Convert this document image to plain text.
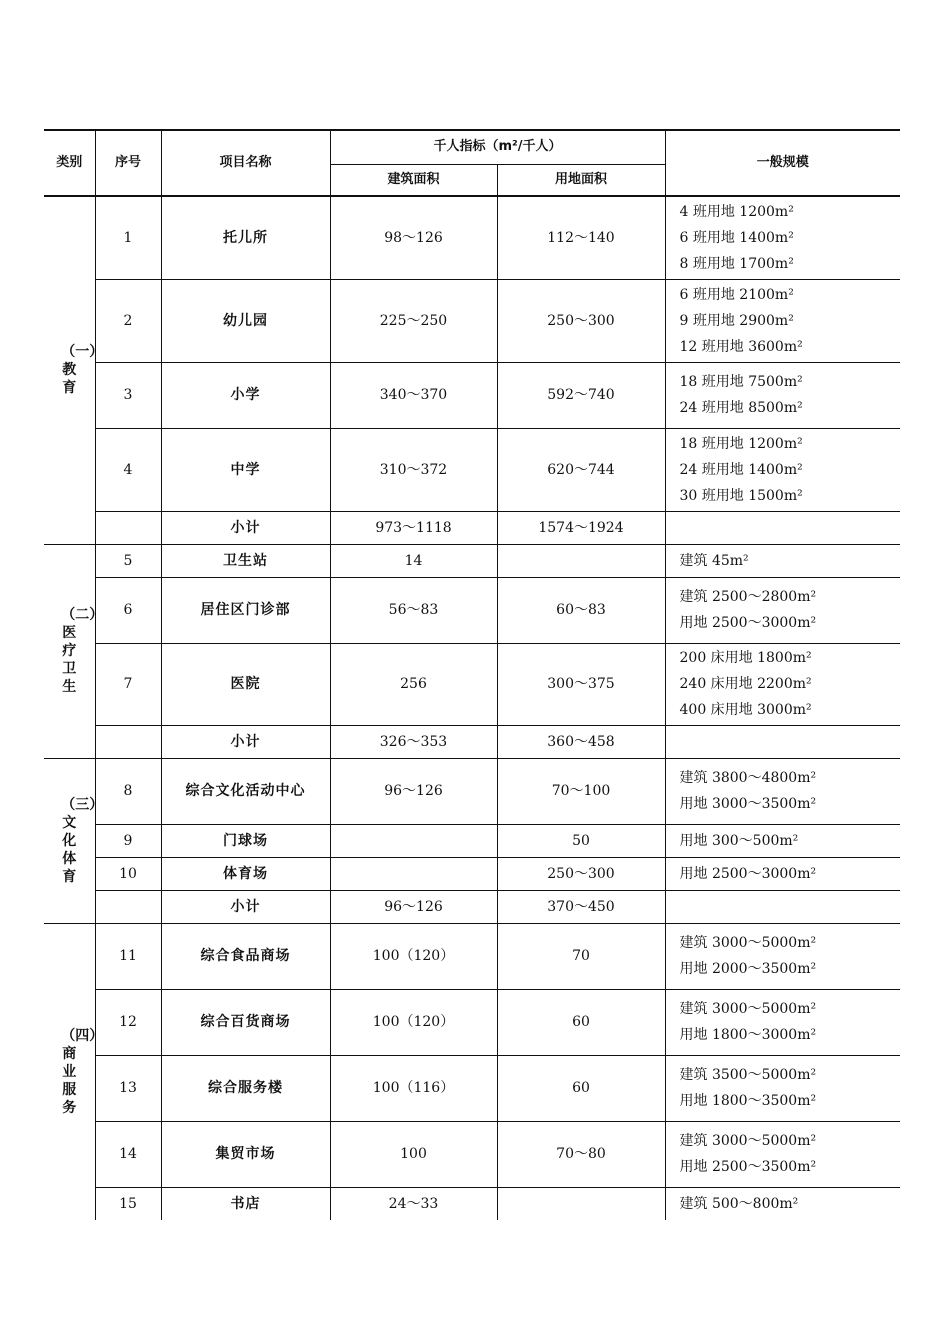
类别	序号	项目名称	千人指标（m²/千人）		一般规模
			建筑面积	用地面积	
（一）教育	1	托儿所	98～126	112～140	4 班用地 1200m²
6 班用地 1400m²
8 班用地 1700m²

	2	幼儿园	225～250	250～300	6 班用地 2100m²
9 班用地 2900m²
12 班用地 3600m²

	3	小学	340～370	592～740	18 班用地 7500m²
24 班用地 8500m²

	4	中学	310～372	620～744	18 班用地 1200m²
24 班用地 1400m²
30 班用地 1500m²

		小计	973～1118	1574～1924	
（二）医疗卫生	5	卫生站	14		建筑 45m²

	6	居住区门诊部	56～83	60～83	建筑 2500～2800m²
用地 2500～3000m²

	7	医院	256	300～375	200 床用地 1800m²
240 床用地 2200m²
400 床用地 3000m²

		小计	326～353	360～458	
（三）文化体育	8	综合文化活动中心	96～126	70～100	建筑 3800～4800m²
用地 3000～3500m²

	9	门球场		50	用地 300～500m²

	10	体育场		250～300	用地 2500～3000m²

		小计	96～126	370～450	
（四）商业服务	11	综合食品商场	100（120）	70	建筑 3000～5000m²
用地 2000～3500m²

	12	综合百货商场	100（120）	60	建筑 3000～5000m²
用地 1800～3000m²

	13	综合服务楼	100（116）	60	建筑 3500～5000m²
用地 1800～3500m²

	14	集贸市场	100	70～80	建筑 3000～5000m²
用地 2500～3500m²

	15	书店	24～33		建筑 500～800m²
